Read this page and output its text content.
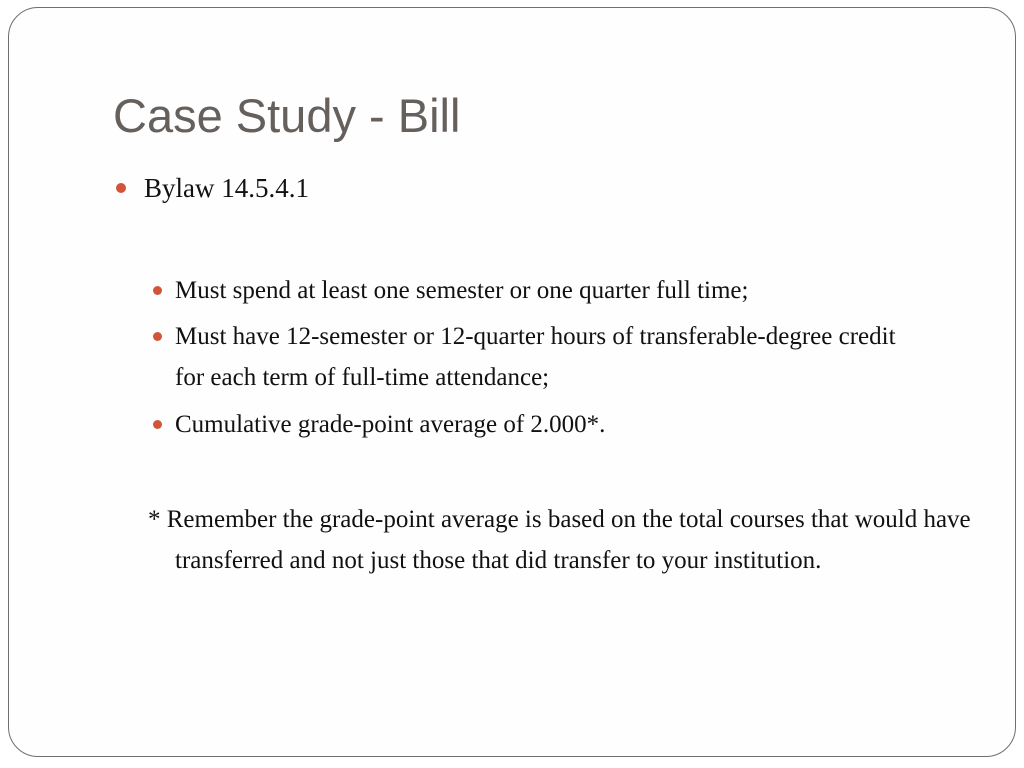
Case Study - Bill
Bylaw 14.5.4.1
Must spend at least one semester or one quarter full time;
Must have 12-semester or 12-quarter hours of transferable-degree credit for each term of full-time attendance;
Cumulative grade-point average of 2.000*.
* Remember the grade-point average is based on the total courses that would have transferred and not just those that did transfer to your institution.
